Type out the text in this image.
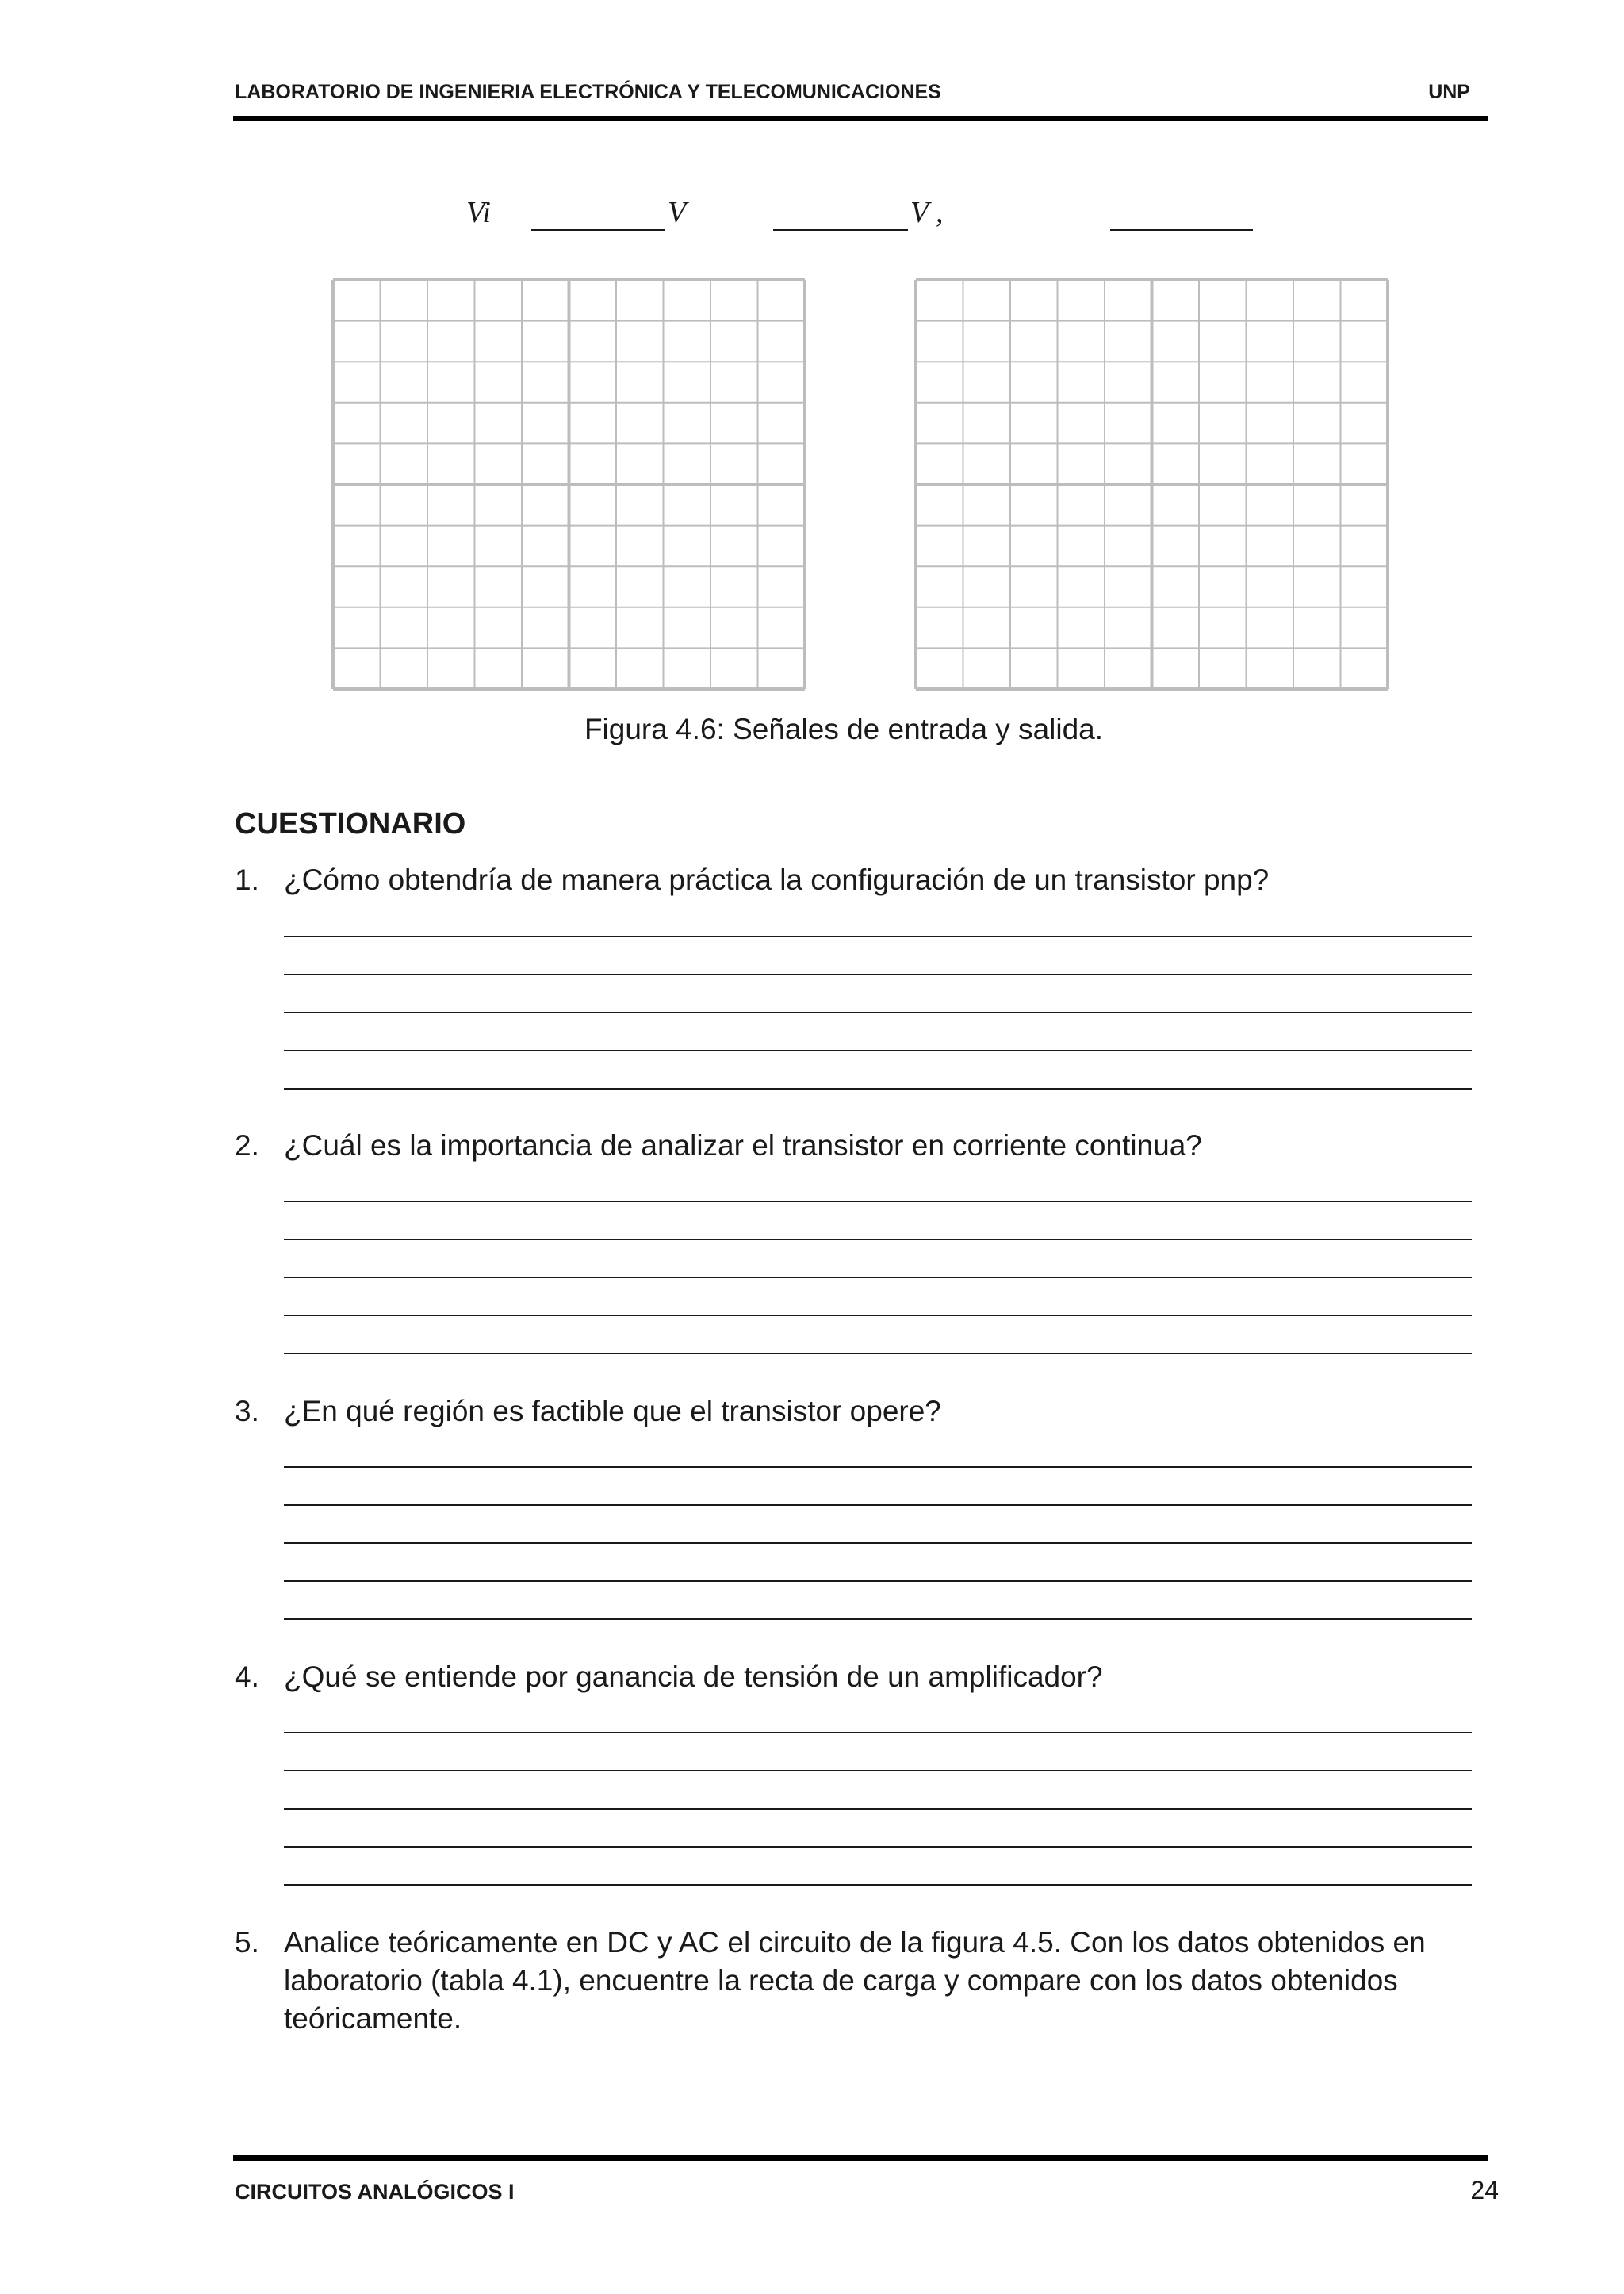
LABORATORIO DE INGENIERIA ELECTRÓNICA Y TELECOMUNICACIONES	UNP
Vi	V	V ,
Figura 4.6: Señales de entrada y salida.
CUESTIONARIO
1. ¿Cómo obtendría de manera práctica la configuración de un transistor pnp?
2. ¿Cuál es la importancia de analizar el transistor en corriente continua?
3. ¿En qué región es factible que el transistor opere?
4. ¿Qué se entiende por ganancia de tensión de un amplificador?
5. Analice teóricamente en DC y AC el circuito de la figura 4.5. Con los datos obtenidos en laboratorio (tabla 4.1), encuentre la recta de carga y compare con los datos obtenidos teóricamente.
CIRCUITOS ANALÓGICOS I	24
